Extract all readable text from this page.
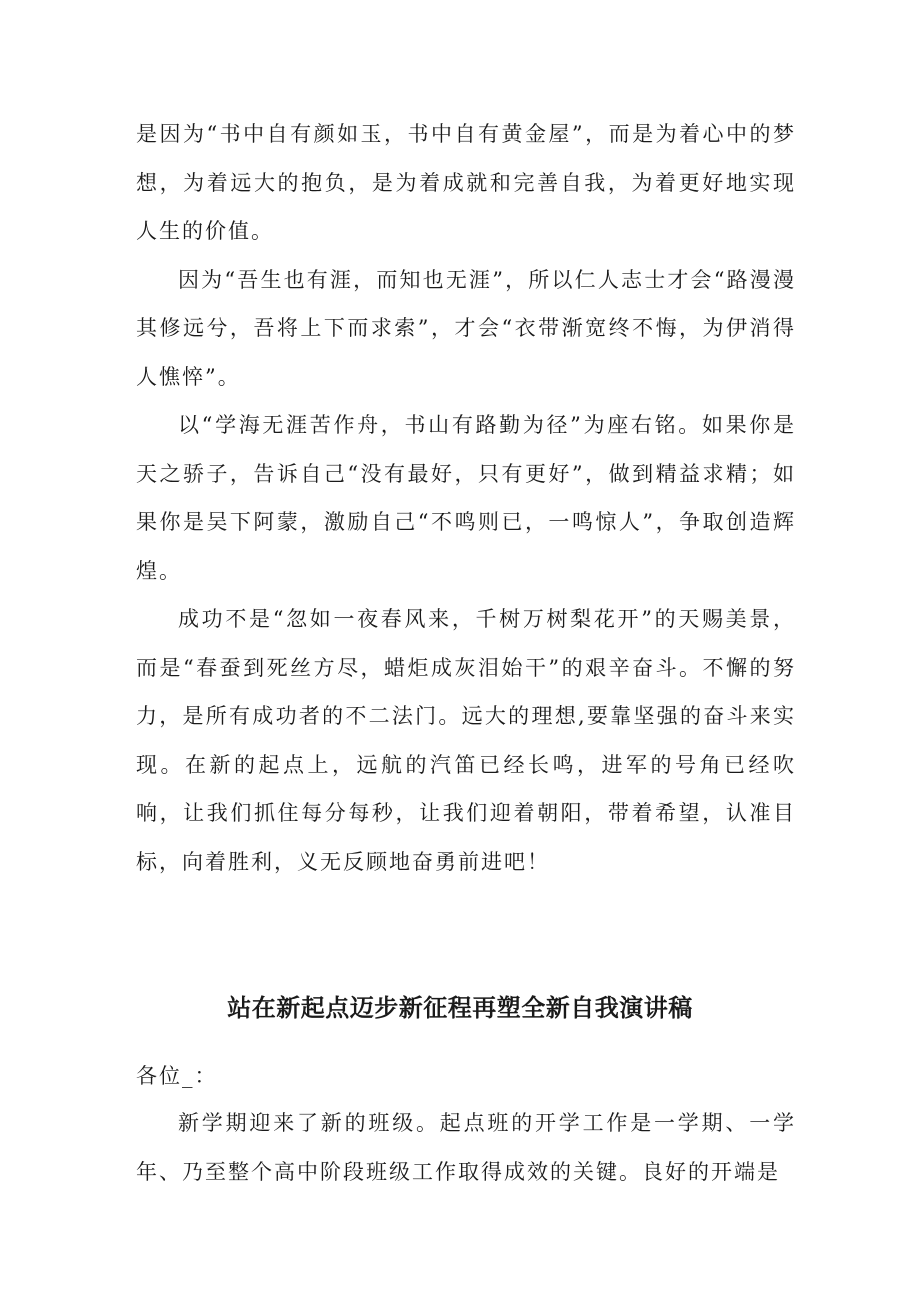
是因为“书中自有颜如玉，书中自有黄金屋”，而是为着心中的梦想，为着远大的抱负，是为着成就和完善自我，为着更好地实现人生的价值。

因为“吾生也有涯，而知也无涯”，所以仁人志士才会“路漫漫其修远兮，吾将上下而求索”，才会“衣带渐宽终不悔，为伊消得人憔悴”。

以“学海无涯苦作舟，书山有路勤为径”为座右铭。如果你是天之骄子，告诉自己“没有最好，只有更好”，做到精益求精；如果你是吴下阿蒙，激励自己“不鸣则已，一鸣惊人”，争取创造辉煌。

成功不是“忽如一夜春风来，千树万树梨花开”的天赐美景，而是“春蚕到死丝方尽，蜡炬成灰泪始干”的艰辛奋斗。不懈的努力，是所有成功者的不二法门。远大的理想,要靠坚强的奋斗来实现。在新的起点上，远航的汽笛已经长鸣，进军的号角已经吹响，让我们抓住每分每秒，让我们迎着朝阳，带着希望，认准目标，向着胜利，义无反顾地奋勇前进吧！

站在新起点迈步新征程再塑全新自我演讲稿

各位_：

新学期迎来了新的班级。起点班的开学工作是一学期、一学年、乃至整个高中阶段班级工作取得成效的关键。良好的开端是
